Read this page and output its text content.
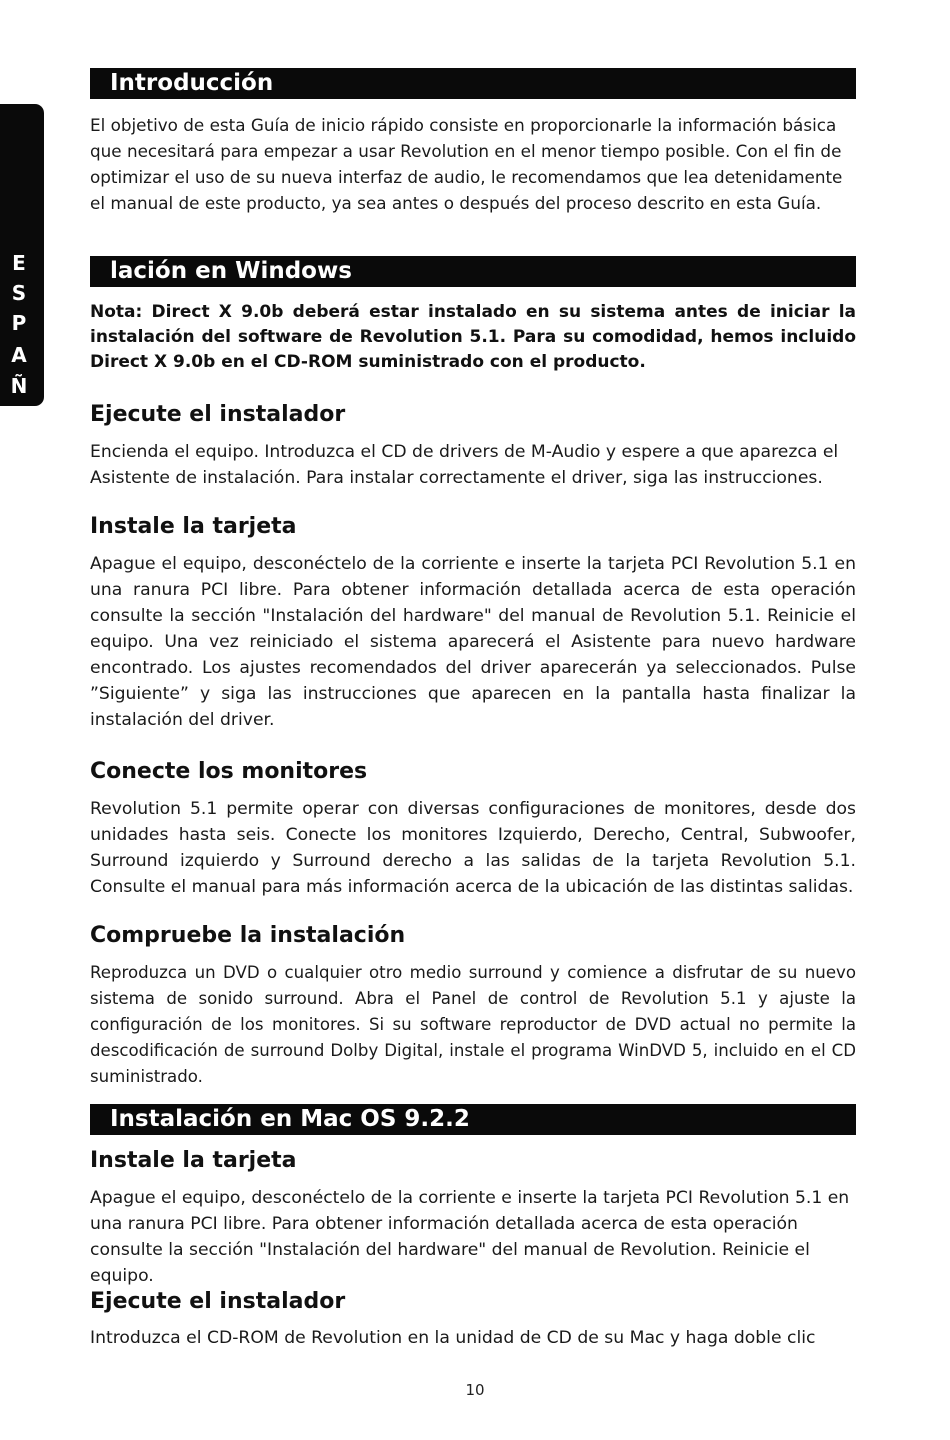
E
S
P
A
Ñ
O
L
Introducción
El objetivo de esta Guía de inicio rápido consiste en proporcionarle la información básica que necesitará para empezar a usar Revolution en el menor tiempo posible. Con el fin de optimizar el uso de su nueva interfaz de audio, le recomendamos que lea detenidamente el manual de este producto, ya sea antes o después del proceso descrito en esta Guía.
lación en Windows
Nota: Direct X 9.0b deberá estar instalado en su sistema antes de iniciar la instalación del software de Revolution 5.1. Para su comodidad, hemos incluido Direct X 9.0b en el CD-ROM suministrado con el producto.
Ejecute el instalador
Encienda el equipo. Introduzca el CD de drivers de M-Audio y espere a que aparezca el Asistente de instalación. Para instalar correctamente el driver, siga las instrucciones.
Instale la tarjeta
Apague el equipo, desconéctelo de la corriente e inserte la tarjeta PCI Revolution 5.1 en una ranura PCI libre. Para obtener información detallada acerca de esta operación consulte la sección "Instalación del hardware" del manual de Revolution 5.1. Reinicie el equipo. Una vez reiniciado el sistema aparecerá el Asistente para nuevo hardware encontrado. Los ajustes recomendados del driver aparecerán ya seleccionados. Pulse ”Siguiente” y siga las instrucciones que aparecen en la pantalla hasta finalizar la instalación del driver.
Conecte los monitores
Revolution 5.1 permite operar con diversas configuraciones de monitores, desde dos unidades hasta seis. Conecte los monitores Izquierdo, Derecho, Central, Subwoofer, Surround izquierdo y Surround derecho a las salidas de la tarjeta Revolution 5.1. Consulte el manual para más información acerca de la ubicación de las distintas salidas.
Compruebe la instalación
Reproduzca un DVD o cualquier otro medio surround y comience a disfrutar de su nuevo sistema de sonido surround. Abra el Panel de control de Revolution 5.1 y ajuste la configuración de los monitores. Si su software reproductor de DVD actual no permite la descodificación de surround Dolby Digital, instale el programa WinDVD 5, incluido en el CD suministrado.
Instalación en Mac OS 9.2.2
Instale la tarjeta
Apague el equipo, desconéctelo de la corriente e inserte la tarjeta PCI Revolution 5.1 en una ranura PCI libre. Para obtener información detallada acerca de esta operación consulte la sección "Instalación del hardware" del manual de Revolution. Reinicie el equipo.
Ejecute el instalador
Introduzca el CD-ROM de Revolution en la unidad de CD de su Mac y haga doble clic
10
